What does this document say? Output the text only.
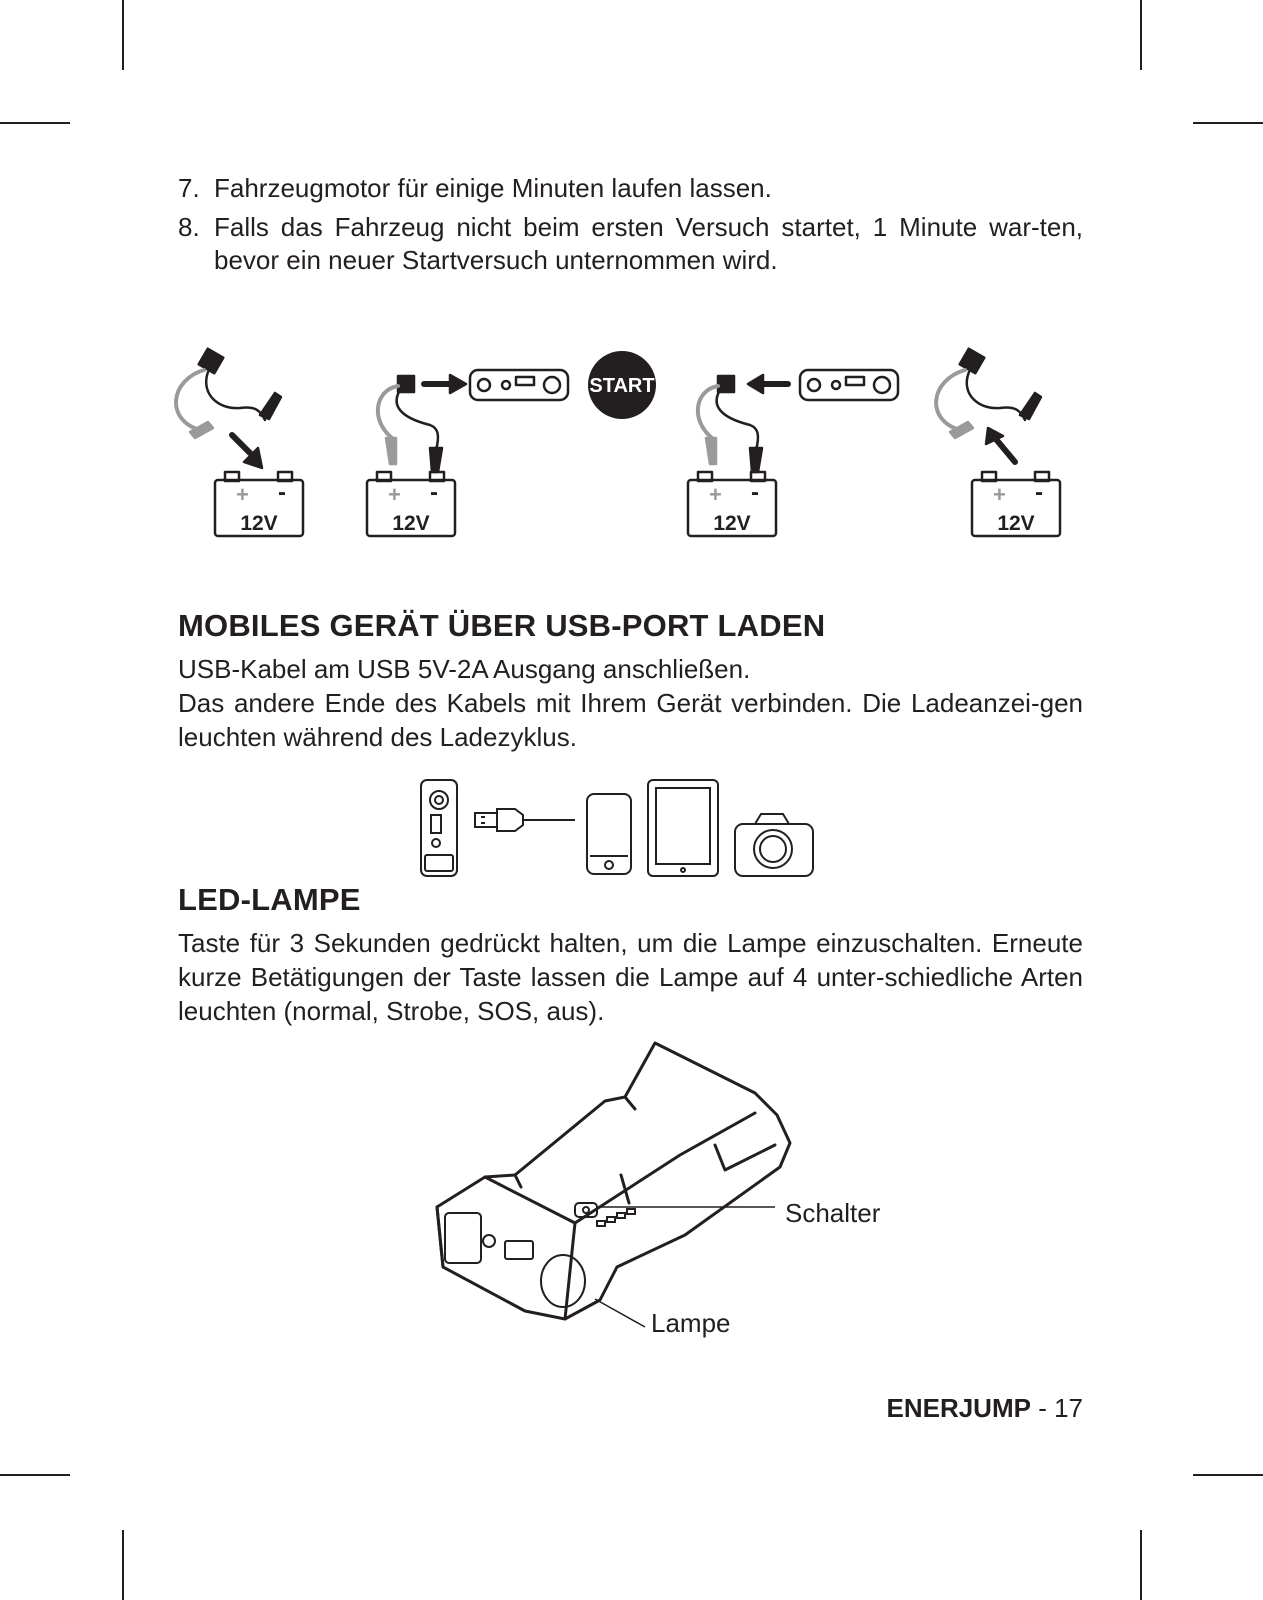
7. Fahrzeugmotor für einige Minuten laufen lassen.
8. Falls das Fahrzeug nicht beim ersten Versuch startet, 1 Minute war-ten, bevor ein neuer Startversuch unternommen wird.
START
+ -
12V
+ -
12V
+ -
12V
+ -
12V
MOBILES GERÄT ÜBER USB-PORT LADEN

USB-Kabel am USB 5V-2A Ausgang anschließen.

Das andere Ende des Kabels mit Ihrem Gerät verbinden. Die Ladeanzei-gen leuchten während des Ladezyklus.

LED-LAMPE

Taste für 3 Sekunden gedrückt halten, um die Lampe einzuschalten. Erneute kurze Betätigungen der Taste lassen die Lampe auf 4 unter-schiedliche Arten leuchten (normal, Strobe, SOS, aus).

Schalter
Lampe
ENERJUMP - 17
